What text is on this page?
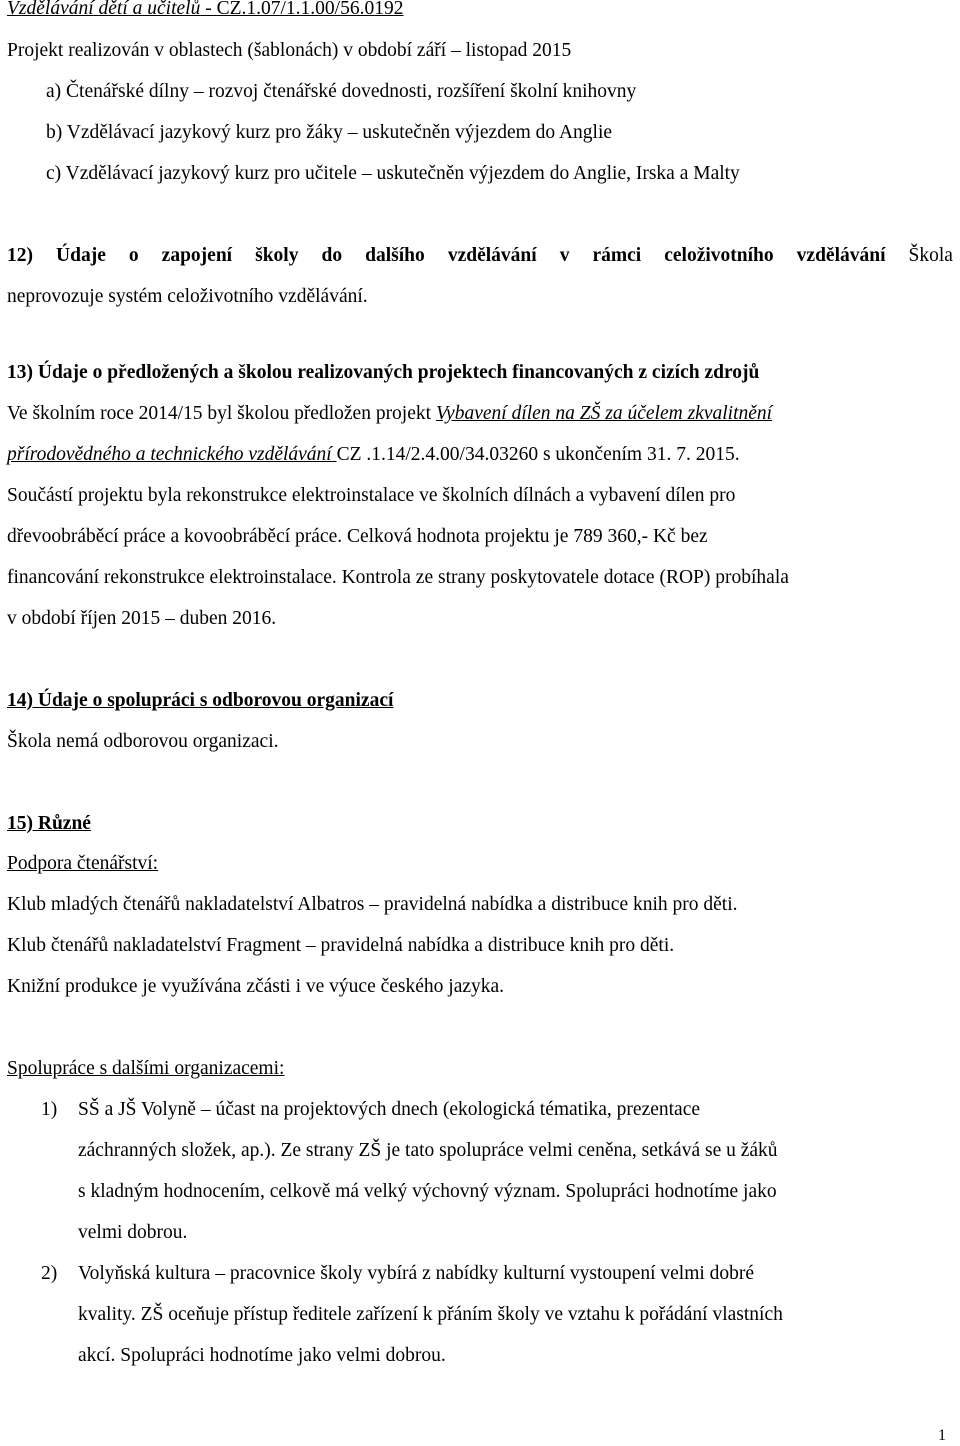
Vzdělávání dětí a učitelů - CZ.1.07/1.1.00/56.0192
Projekt realizován v oblastech (šablonách) v období září – listopad 2015
a) Čtenářské dílny – rozvoj čtenářské dovednosti, rozšíření školní knihovny
b) Vzdělávací jazykový kurz pro žáky – uskutečněn výjezdem do Anglie
c) Vzdělávací jazykový kurz pro učitele – uskutečněn výjezdem do Anglie, Irska a Malty
12) Údaje o zapojení školy do dalšího vzdělávání v rámci celoživotního vzdělávání Škola
neprovozuje systém celoživotního vzdělávání.
13) Údaje o předložených a školou realizovaných projektech financovaných z cizích zdrojů
Ve školním roce 2014/15 byl školou předložen projekt Vybavení dílen na ZŠ za účelem zkvalitnění
přírodovědného a technického vzdělávání CZ .1.14/2.4.00/34.03260 s ukončením 31. 7. 2015.
Součástí projektu byla rekonstrukce elektroinstalace ve školních dílnách a vybavení dílen pro
dřevoobráběcí práce a kovoobráběcí práce. Celková hodnota projektu je 789 360,- Kč bez
financování rekonstrukce elektroinstalace. Kontrola ze strany poskytovatele dotace (ROP) probíhala
v období říjen 2015 – duben 2016.
14) Údaje o spolupráci s odborovou organizací
Škola nemá odborovou organizaci.
15) Různé
Podpora čtenářství:
Klub mladých čtenářů nakladatelství Albatros – pravidelná nabídka a distribuce knih pro děti.
Klub čtenářů nakladatelství Fragment – pravidelná nabídka a distribuce knih pro děti.
Knižní produkce je využívána zčásti i ve výuce českého jazyka.
Spolupráce s dalšími organizacemi:
1) SŠ a JŠ Volyně – účast na projektových dnech (ekologická tématika, prezentace
záchranných složek, ap.). Ze strany ZŠ je tato spolupráce velmi ceněna, setkává se u žáků
s kladným hodnocením, celkově má velký výchovný význam. Spolupráci hodnotíme jako
velmi dobrou.
2) Volyňská kultura – pracovnice školy vybírá z nabídky kulturní vystoupení velmi dobré
kvality. ZŠ oceňuje přístup ředitele zařízení k přáním školy ve vztahu k pořádání vlastních
akcí. Spolupráci hodnotíme jako velmi dobrou.
1
